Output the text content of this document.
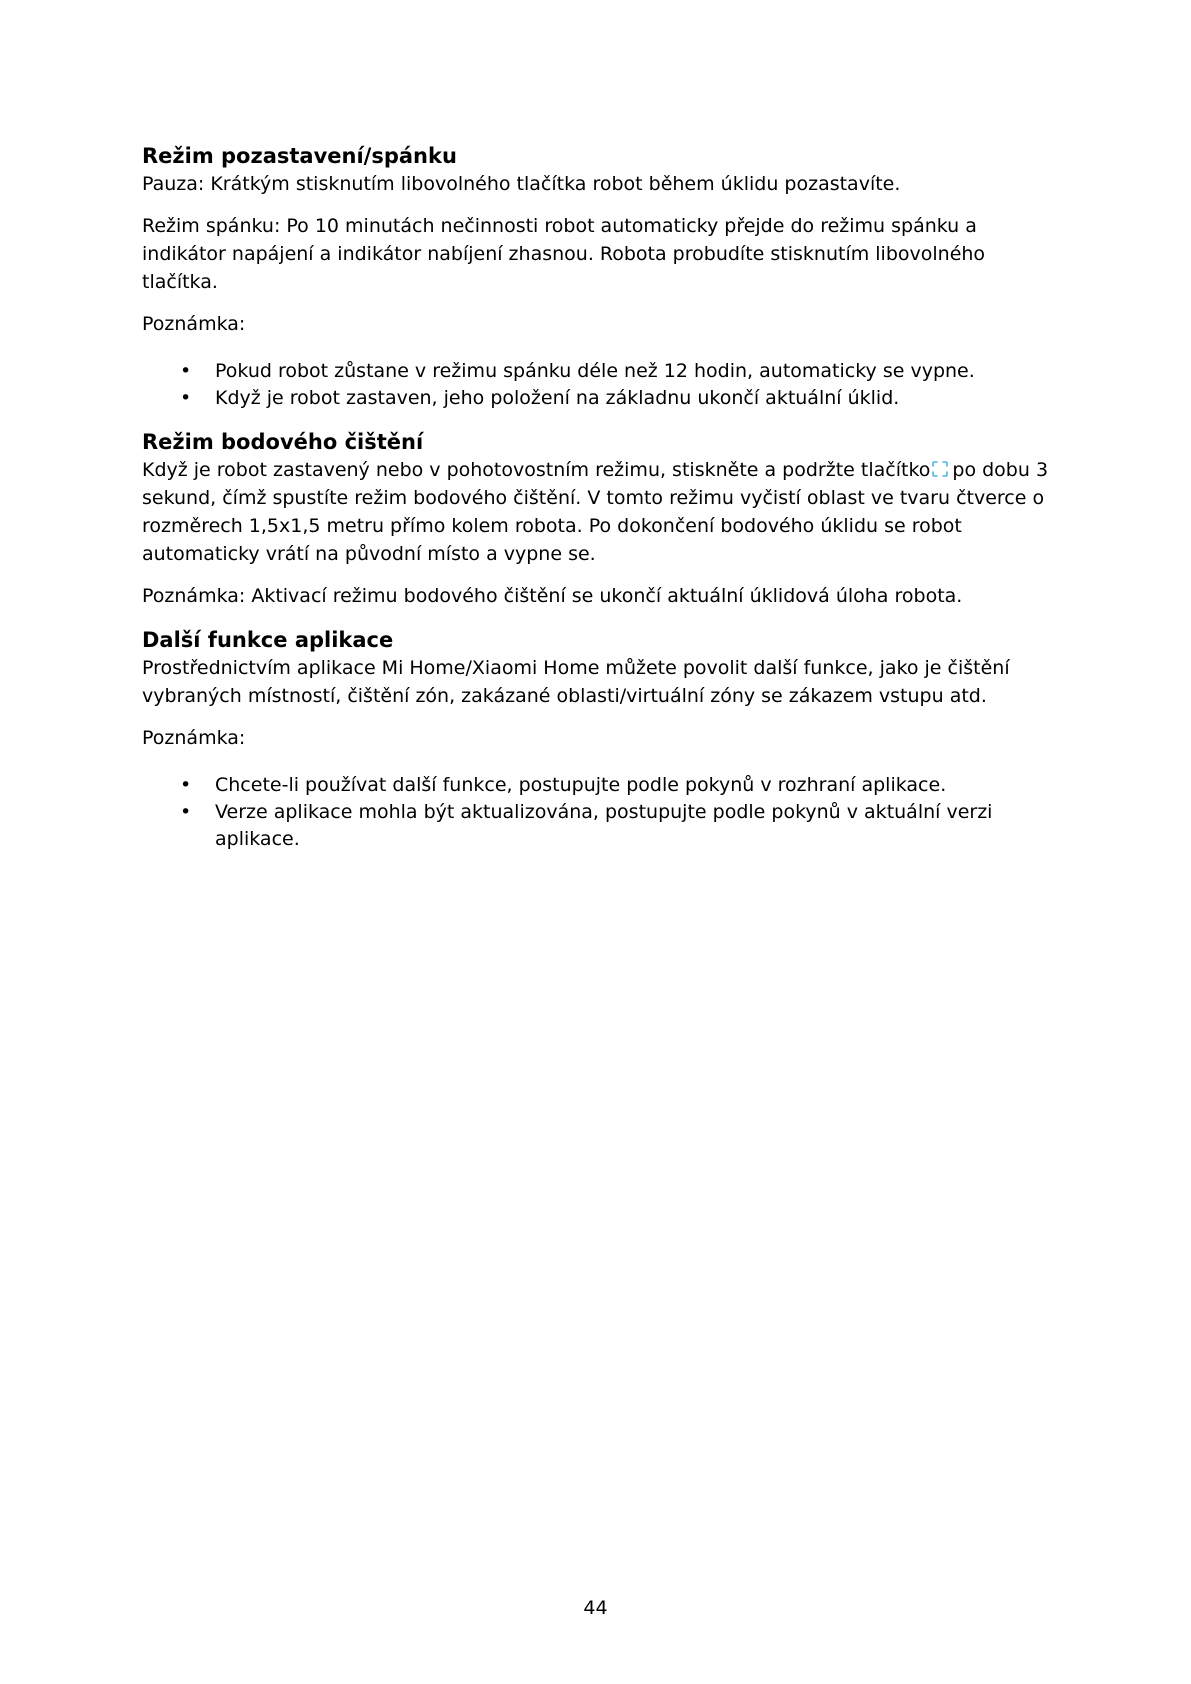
Režim pozastavení/spánku

Pauza: Krátkým stisknutím libovolného tlačítka robot během úklidu pozastavíte.

Režim spánku: Po 10 minutách nečinnosti robot automaticky přejde do režimu spánku a indikátor napájení a indikátor nabíjení zhasnou. Robota probudíte stisknutím libovolného tlačítka.

Poznámka:

• Pokud robot zůstane v režimu spánku déle než 12 hodin, automaticky se vypne.
• Když je robot zastaven, jeho položení na základnu ukončí aktuální úklid.
Režim bodového čištění

Když je robot zastavený nebo v pohotovostním režimu, stiskněte a podržte tlačítko po dobu 3 sekund, čímž spustíte režim bodového čištění. V tomto režimu vyčistí oblast ve tvaru čtverce o rozměrech 1,5x1,5 metru přímo kolem robota. Po dokončení bodového úklidu se robot automaticky vrátí na původní místo a vypne se.

Poznámka: Aktivací režimu bodového čištění se ukončí aktuální úklidová úloha robota.

Další funkce aplikace

Prostřednictvím aplikace Mi Home/Xiaomi Home můžete povolit další funkce, jako je čištění vybraných místností, čištění zón, zakázané oblasti/virtuální zóny se zákazem vstupu atd.

Poznámka:

• Chcete-li používat další funkce, postupujte podle pokynů v rozhraní aplikace.
• Verze aplikace mohla být aktualizována, postupujte podle pokynů v aktuální verzi aplikace.
44
